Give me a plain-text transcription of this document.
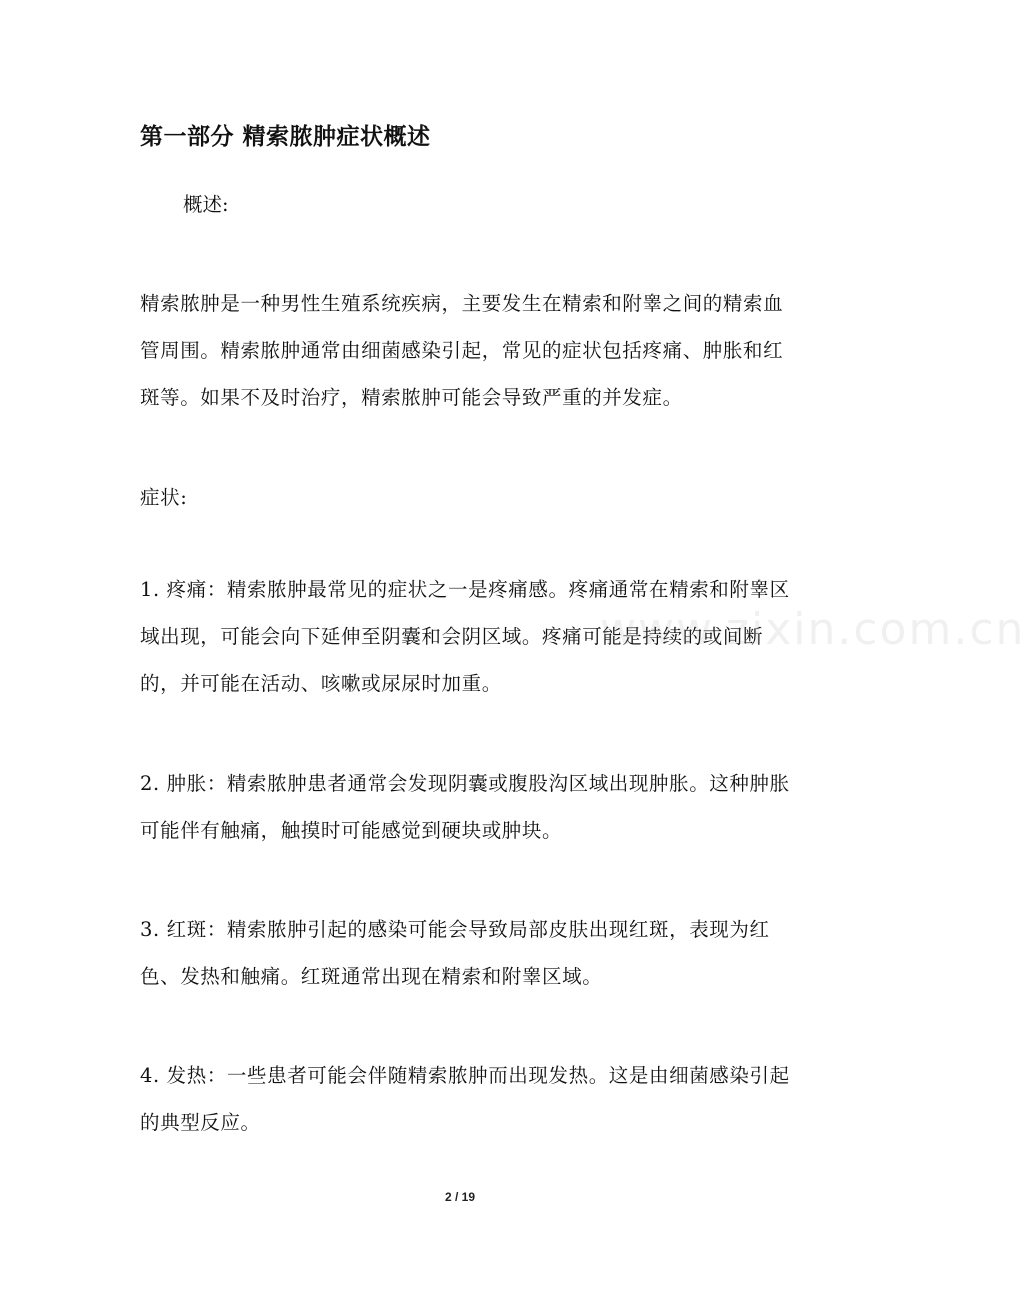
第一部分 精索脓肿症状概述
概述:
精索脓肿是一种男性生殖系统疾病，主要发生在精索和附睾之间的精索血管周围。精索脓肿通常由细菌感染引起，常见的症状包括疼痛、肿胀和红斑等。如果不及时治疗，精索脓肿可能会导致严重的并发症。
症状:
1. 疼痛：精索脓肿最常见的症状之一是疼痛感。疼痛通常在精索和附睾区域出现，可能会向下延伸至阴囊和会阴区域。疼痛可能是持续的或间断的，并可能在活动、咳嗽或尿尿时加重。
2. 肿胀：精索脓肿患者通常会发现阴囊或腹股沟区域出现肿胀。这种肿胀可能伴有触痛，触摸时可能感觉到硬块或肿块。
3. 红斑：精索脓肿引起的感染可能会导致局部皮肤出现红斑，表现为红色、发热和触痛。红斑通常出现在精索和附睾区域。
4. 发热：一些患者可能会伴随精索脓肿而出现发热。这是由细菌感染引起的典型反应。
www.zixin.com.cn
2 / 19
